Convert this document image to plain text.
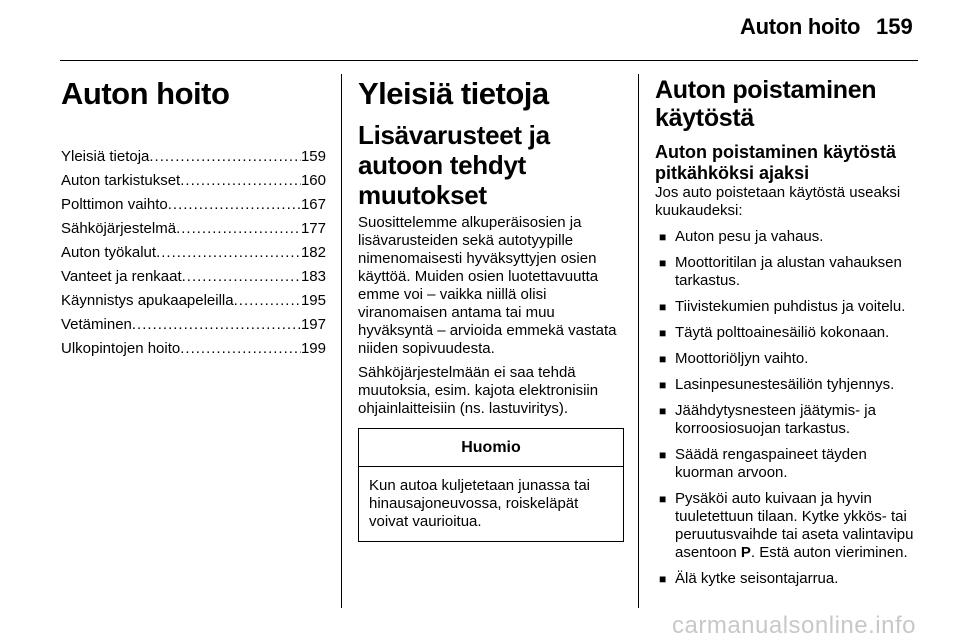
Auton hoito 159
Auton hoito
Yleisiä tietoja .....	159
Auton tarkistukset .....	160
Polttimon vaihto .....	167
Sähköjärjestelmä .....	177
Auton työkalut .....	182
Vanteet ja renkaat .....	183
Käynnistys apukaapeleilla .....	195
Vetäminen .....	197
Ulkopintojen hoito .....	199
Yleisiä tietoja
Lisävarusteet ja autoon tehdyt muutokset

Suosittelemme alkuperäisosien ja lisävarusteiden sekä autotyypille nimenomaisesti hyväksyttyjen osien käyttöä. Muiden osien luotettavuutta emme voi – vaikka niillä olisi viranomaisen antama tai muu hyväksyntä – arvioida emmekä vastata niiden sopivuudesta.

Sähköjärjestelmään ei saa tehdä muutoksia, esim. kajota elektronisiin ohjainlaitteisiin (ns. lastuviritys).

Huomio
Kun autoa kuljetetaan junassa tai hinausajoneuvossa, roiskeläpät voivat vaurioitua.
Auton poistaminen käytöstä
Auton poistaminen käytöstä pitkähköksi ajaksi

Jos auto poistetaan käytöstä useaksi kuukaudeksi:

■ Auton pesu ja vahaus.
■ Moottoritilan ja alustan vahauksen tarkastus.
■ Tiivistekumien puhdistus ja voitelu.
■ Täytä polttoainesäiliö kokonaan.
■ Moottoriöljyn vaihto.
■ Lasinpesunestesäiliön tyhjennys.
■ Jäähdytysnesteen jäätymis- ja korroosiosuojan tarkastus.
■ Säädä rengaspaineet täyden kuorman arvoon.
■ Pysäköi auto kuivaan ja hyvin tuuletettuun tilaan. Kytke ykkös- tai peruutusvaihde tai aseta valintavipu asentoon P. Estä auton vieriminen.
■ Älä kytke seisontajarrua.
carmanualsonline.info
